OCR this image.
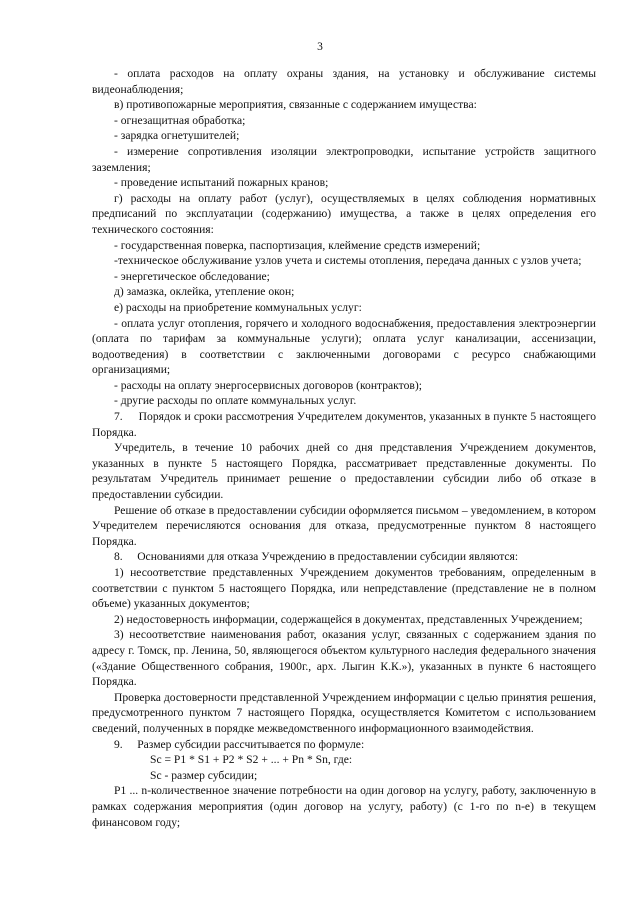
3

- оплата расходов на оплату охраны здания, на установку и обслуживание системы видеонаблюдения;

в) противопожарные мероприятия, связанные с содержанием имущества:

- огнезащитная обработка;

- зарядка огнетушителей;

- измерение сопротивления изоляции электропроводки, испытание устройств защитного заземления;

- проведение испытаний пожарных кранов;

г) расходы на оплату работ (услуг), осуществляемых в целях соблюдения нормативных предписаний по эксплуатации (содержанию) имущества, а также в целях определения его технического состояния:

- государственная поверка, паспортизация, клеймение средств измерений;

-техническое обслуживание узлов учета и системы отопления, передача данных с узлов учета;

- энергетическое обследование;

д) замазка, оклейка, утепление окон;

е) расходы на приобретение коммунальных услуг:

- оплата услуг отопления, горячего и холодного водоснабжения, предоставления электроэнергии (оплата по тарифам за коммунальные услуги); оплата услуг канализации, ассенизации, водоотведения) в соответствии с заключенными договорами с ресурсо снабжающими организациями;

- расходы на оплату энергосервисных договоров (контрактов);

- другие расходы по оплате коммунальных услуг.

7.     Порядок и сроки рассмотрения Учредителем документов, указанных в пункте 5 настоящего Порядка.

Учредитель, в течение 10 рабочих дней со дня представления Учреждением документов, указанных в пункте 5 настоящего Порядка, рассматривает представленные документы. По результатам Учредитель принимает решение о предоставлении субсидии либо об отказе в предоставлении субсидии.

Решение об отказе в предоставлении субсидии оформляется письмом – уведомлением, в котором Учредителем перечисляются основания для отказа, предусмотренные пунктом 8 настоящего Порядка.

8.     Основаниями для отказа Учреждению в предоставлении субсидии являются:

1) несоответствие представленных Учреждением документов требованиям, определенным в соответствии с пунктом 5 настоящего Порядка, или непредставление (представление не в полном объеме) указанных документов;

2) недостоверность информации, содержащейся в документах, представленных Учреждением;

3) несоответствие наименования работ, оказания услуг, связанных с содержанием здания по адресу г. Томск, пр. Ленина, 50, являющегося объектом культурного наследия федерального значения («Здание Общественного собрания, 1900г., арх. Лыгин К.К.»), указанных в пункте 6 настоящего Порядка.

Проверка достоверности представленной Учреждением информации с целью принятия решения, предусмотренного пунктом 7 настоящего Порядка, осуществляется Комитетом с использованием сведений, полученных в порядке межведомственного информационного взаимодействия.

9.     Размер субсидии рассчитывается по формуле:

Sc = P1 * S1 + P2 * S2 + ... + Pn * Sn, где:

Sc - размер субсидии;

P1 ... n-количественное значение потребности на один договор на услугу, работу, заключенную в рамках содержания мероприятия (один договор на услугу, работу) (с 1-го по n-е) в текущем финансовом году;
